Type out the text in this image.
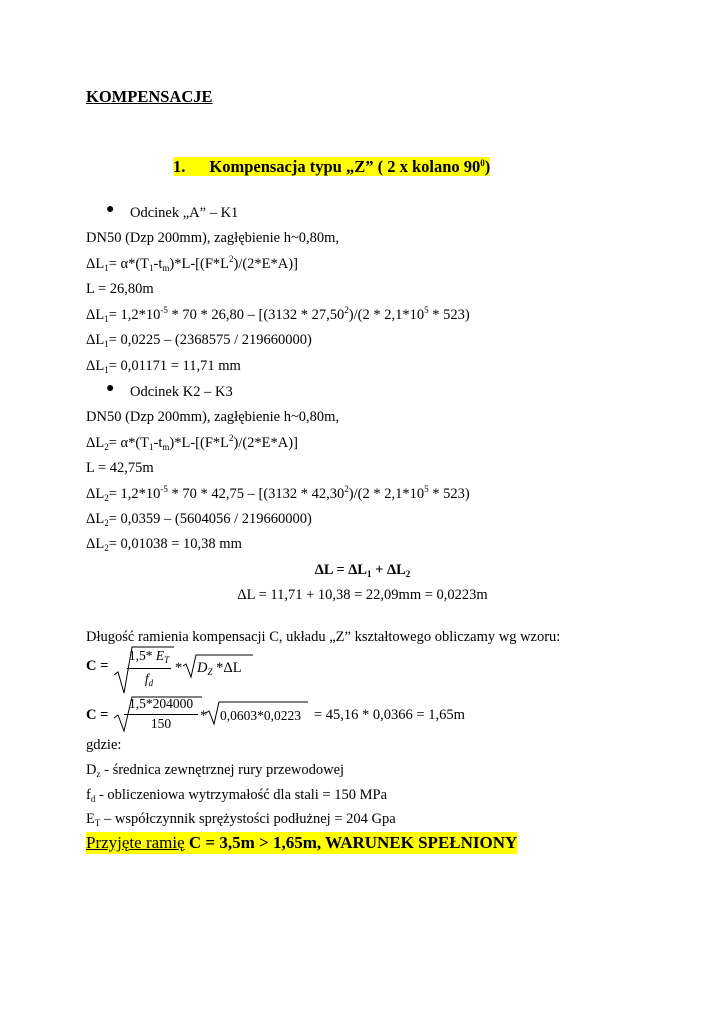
KOMPENSACJE
1. Kompensacja typu „Z” ( 2 x kolano $90^0$)
● Odcinek „A” – K1
DN50 (Dzp 200mm), zagłębienie h~0,80m,
$\Delta L_1= \alpha*(T_1-t_m)*L-[(F*L^2)/(2*E*A)]$
L = 26,80m
$\Delta L_1= 1,2*10^{-5} * 70 * 26,80 - [(3132 * 27,50^2)/(2 * 2,1*10^5 * 523)$
$\Delta L_1= 0,0225 - (2368575 / 219660000)$
$\Delta L_1= 0,01171 = 11,71$ mm
● Odcinek K2 – K3
DN50 (Dzp 200mm), zagłębienie h~0,80m,
$\Delta L_2= \alpha*(T_1-t_m)*L-[(F*L^2)/(2*E*A)]$
L = 42,75m
$\Delta L_2= 1,2*10^{-5} * 70 * 42,75 - [(3132 * 42,30^2)/(2 * 2,1*10^5 * 523)$
$\Delta L_2= 0,0359 - (5604056 / 219660000)$
$\Delta L_2= 0,01038 = 10,38$ mm
$\Delta L = \Delta L_1 + \Delta L_2$
ΔL = 11,71 + 10,38 = 22,09mm = 0,0223m
Długość ramienia kompensacji C, układu „Z” kształtowego obliczamy wg wzoru:
C =
1,5* $E_T$
$f_d$
* $D_Z$ *ΔL
C =
1,5*204000
150	* 0,0603*0,0223 = 45,16 * 0,0366 = 1,65m
gdzie:
$D_z$ - średnica zewnętrznej rury przewodowej
$f_d$ - obliczeniowa wytrzymałość dla stali = 150 MPa
$E_T$ – współczynnik sprężystości podłużnej = 204 Gpa
Przyjęte ramię C = 3,5m > 1,65m, WARUNEK SPEŁNIONY
